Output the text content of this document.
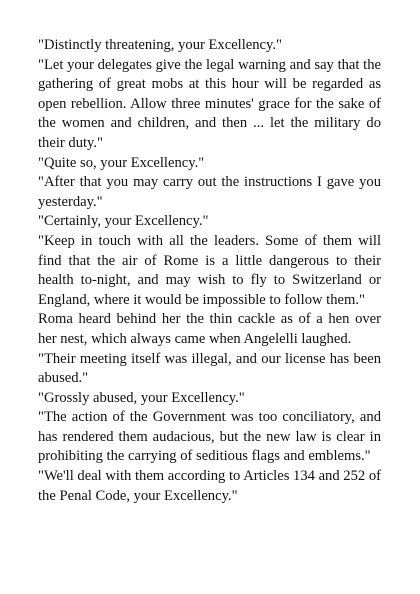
"Distinctly threatening, your Excellency."

"Let your delegates give the legal warning and say that the gathering of great mobs at this hour will be regarded as open rebellion. Allow three minutes' grace for the sake of the women and children, and then ... let the military do their duty."

"Quite so, your Excellency."

"After that you may carry out the instructions I gave you yesterday."

"Certainly, your Excellency."

"Keep in touch with all the leaders. Some of them will find that the air of Rome is a little dangerous to their health to-night, and may wish to fly to Switzerland or England, where it would be impossible to follow them."

Roma heard behind her the thin cackle as of a hen over her nest, which always came when Angelelli laughed.

"Their meeting itself was illegal, and our license has been abused."

"Grossly abused, your Excellency."

"The action of the Government was too conciliatory, and has rendered them audacious, but the new law is clear in prohibiting the carrying of seditious flags and emblems."

"We'll deal with them according to Articles 134 and 252 of the Penal Code, your Excellency."
